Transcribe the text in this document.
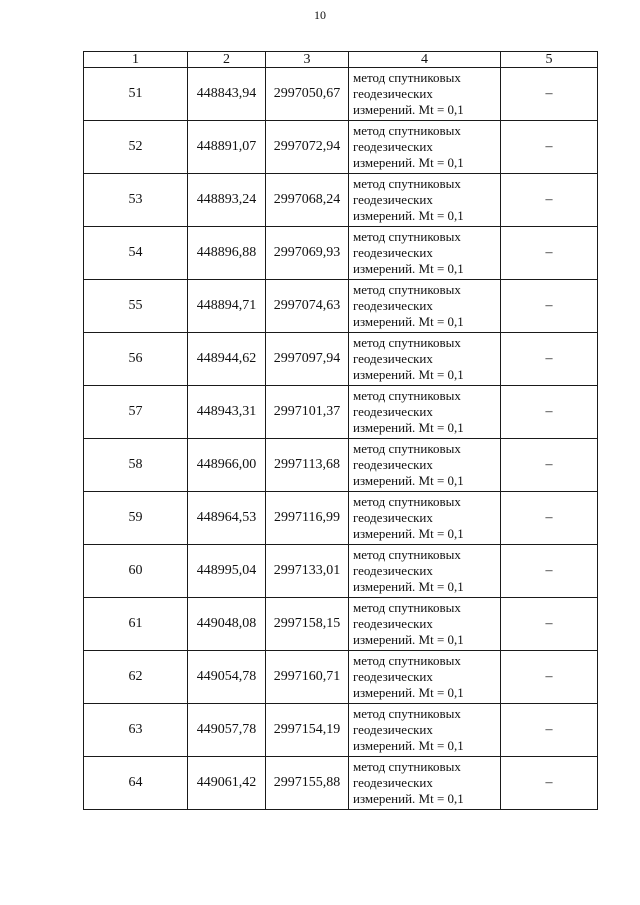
10
1	2	3	4	5
51	448843,94	2997050,67	метод спутниковых
геодезических
измерений. Mt = 0,1	–
52	448891,07	2997072,94	метод спутниковых
геодезических
измерений. Mt = 0,1	–
53	448893,24	2997068,24	метод спутниковых
геодезических
измерений. Mt = 0,1	–
54	448896,88	2997069,93	метод спутниковых
геодезических
измерений. Mt = 0,1	–
55	448894,71	2997074,63	метод спутниковых
геодезических
измерений. Mt = 0,1	–
56	448944,62	2997097,94	метод спутниковых
геодезических
измерений. Mt = 0,1	–
57	448943,31	2997101,37	метод спутниковых
геодезических
измерений. Mt = 0,1	–
58	448966,00	2997113,68	метод спутниковых
геодезических
измерений. Mt = 0,1	–
59	448964,53	2997116,99	метод спутниковых
геодезических
измерений. Mt = 0,1	–
60	448995,04	2997133,01	метод спутниковых
геодезических
измерений. Mt = 0,1	–
61	449048,08	2997158,15	метод спутниковых
геодезических
измерений. Mt = 0,1	–
62	449054,78	2997160,71	метод спутниковых
геодезических
измерений. Mt = 0,1	–
63	449057,78	2997154,19	метод спутниковых
геодезических
измерений. Mt = 0,1	–
64	449061,42	2997155,88	метод спутниковых
геодезических
измерений. Mt = 0,1	–
